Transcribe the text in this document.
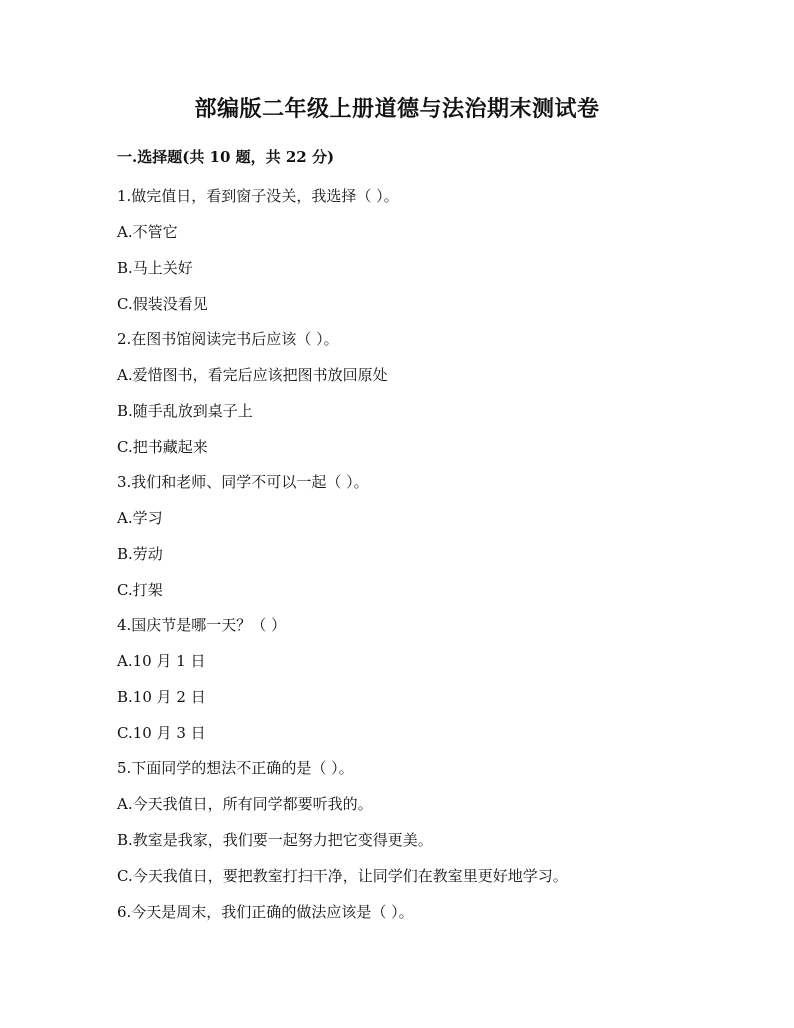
部编版二年级上册道德与法治期末测试卷
一.选择题(共 10 题，共 22 分)
1.做完值日，看到窗子没关，我选择（ ）。
A.不管它
B.马上关好
C.假装没看见
2.在图书馆阅读完书后应该（ ）。
A.爱惜图书，看完后应该把图书放回原处
B.随手乱放到桌子上
C.把书藏起来
3.我们和老师、同学不可以一起（ ）。
A.学习
B.劳动
C.打架
4.国庆节是哪一天？（ ）
A.10 月 1 日
B.10 月 2 日
C.10 月 3 日
5.下面同学的想法不正确的是（ ）。
A.今天我值日，所有同学都要听我的。
B.教室是我家，我们要一起努力把它变得更美。
C.今天我值日，要把教室打扫干净，让同学们在教室里更好地学习。
6.今天是周末，我们正确的做法应该是（ ）。
